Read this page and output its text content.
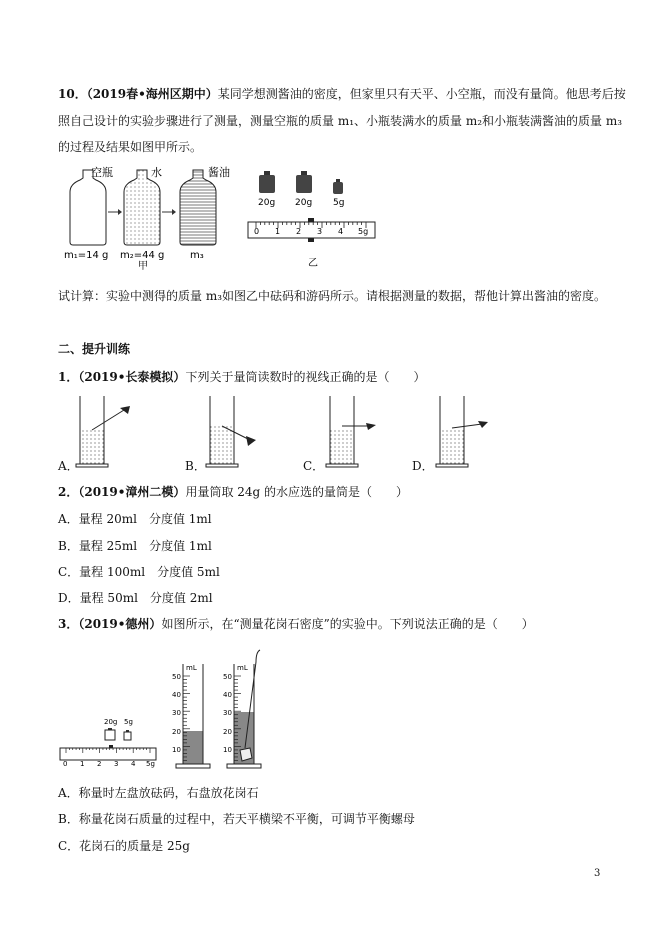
10．（2019春•海州区期中）某同学想测酱油的密度，但家里只有天平、小空瓶，而没有量筒。他思考后按
照自己设计的实验步骤进行了测量，测量空瓶的质量 m₁、小瓶装满水的质量 m₂和小瓶装满酱油的质量 m₃
的过程及结果如图甲所示。
空瓶	水	酱油
m₁=14 g m₂=44 g	m₃
甲
20g 20g 5g
0 1 2 3 4 5g
乙
试计算：实验中测得的质量 m₃如图乙中砝码和游码所示。请根据测量的数据，帮他计算出酱油的密度。
二、提升训练
1．（2019•长泰模拟）下列关于量筒读数时的视线正确的是（　　）
A．	B．	C．	D．
2．（2019•漳州二模）用量筒取 24g 的水应选的量筒是（　　）
A．量程 20ml　分度值 1ml
B．量程 25ml　分度值 1ml
C．量程 100ml　分度值 5ml
D．量程 50ml　分度值 2ml
3．（2019•德州）如图所示，在“测量花岗石密度”的实验中。下列说法正确的是（　　）
20g 5g
0 1 2 3 4 5g
mL
50
40
30
20
10
mL
50
40
30
20
10
A．称量时左盘放砝码，右盘放花岗石
B．称量花岗石质量的过程中，若天平横梁不平衡，可调节平衡螺母
C．花岗石的质量是 25g
3
